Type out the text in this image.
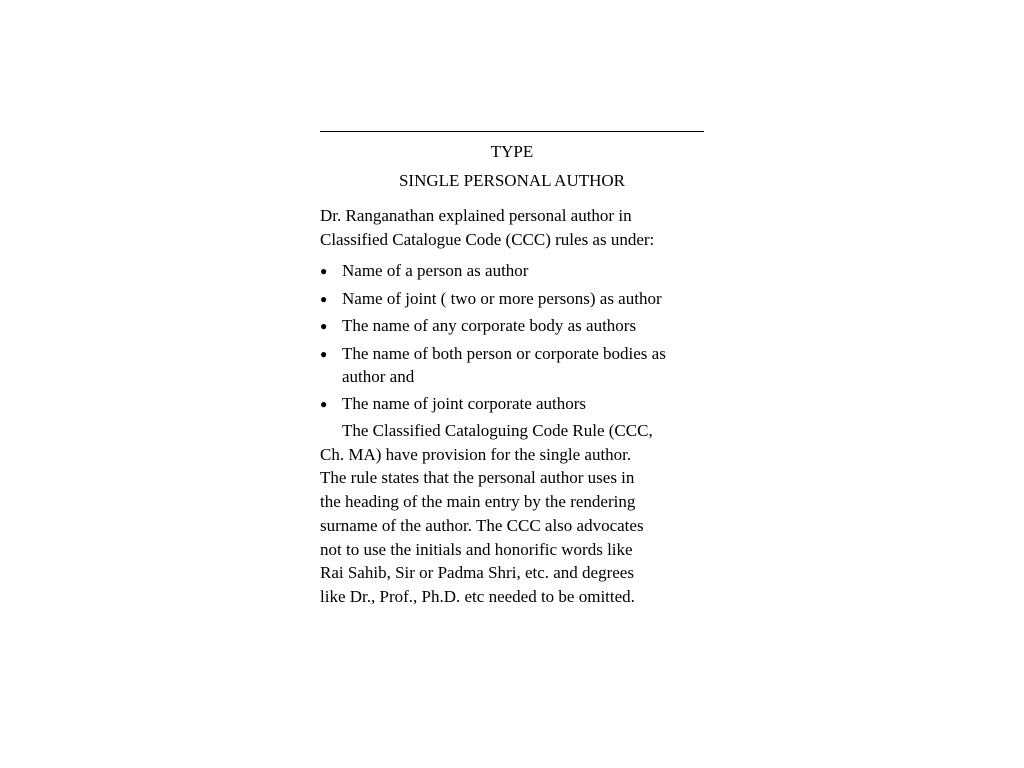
TYPE
SINGLE PERSONAL AUTHOR
Dr. Ranganathan explained personal author in
Classified Catalogue Code (CCC) rules as under:
● Name of a person as author
● Name of joint ( two or more persons) as author
● The name of any corporate body as authors
● The name of both person or corporate bodies as
author and
● The name of joint corporate authors
The Classified Cataloguing Code Rule (CCC,
Ch. MA) have provision for the single author.
The rule states that the personal author uses in
the heading of the main entry by the rendering
surname of the author. The CCC also advocates
not to use the initials and honorific words like
Rai Sahib, Sir or Padma Shri, etc. and degrees
like Dr., Prof., Ph.D. etc needed to be omitted.
